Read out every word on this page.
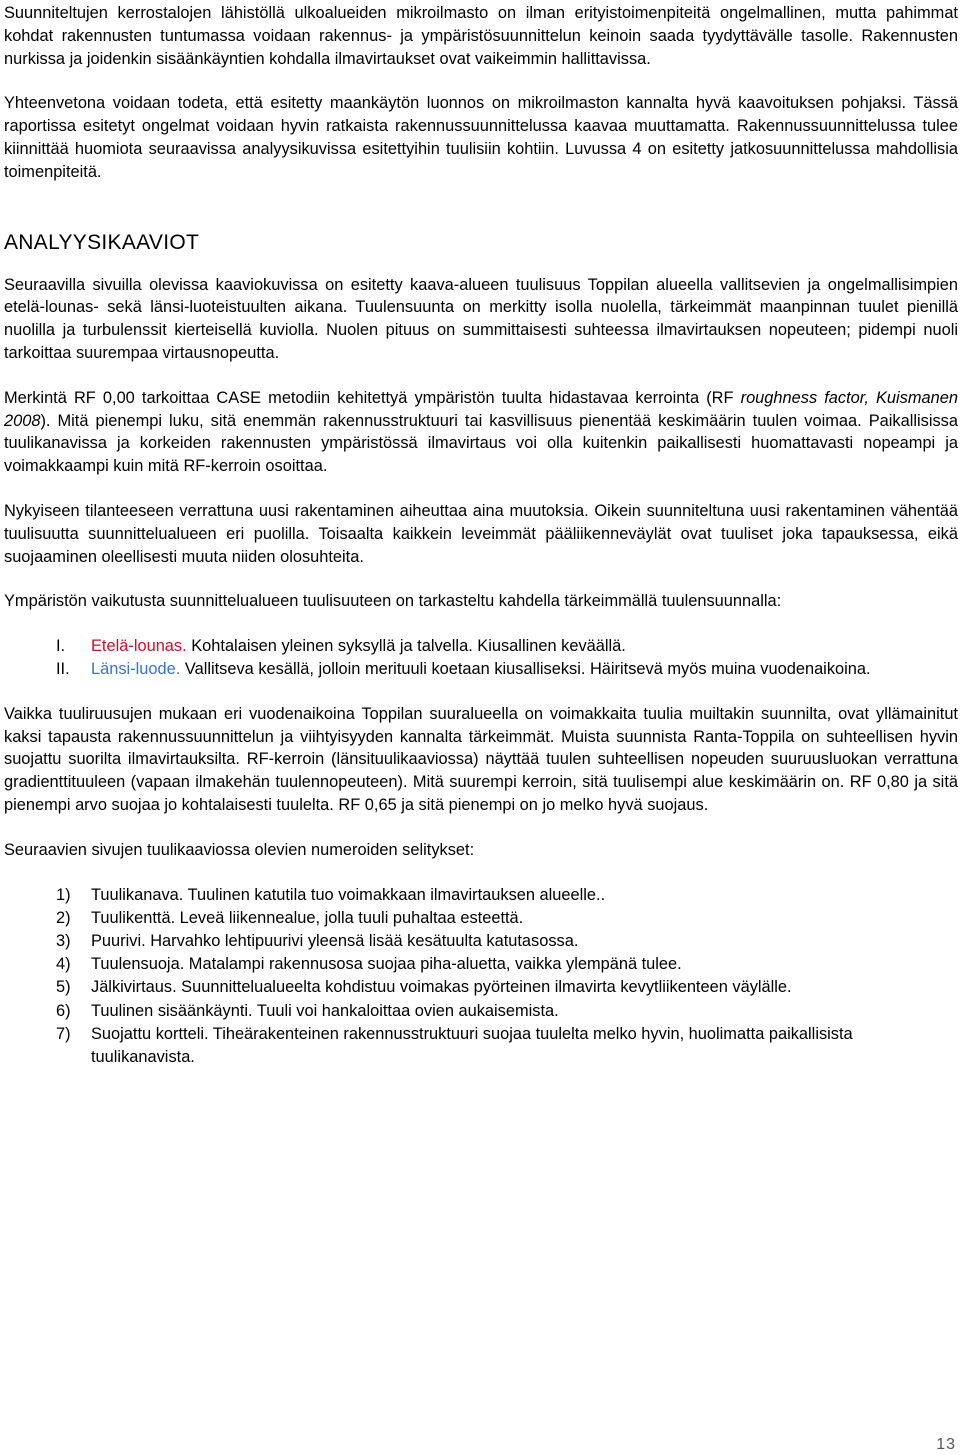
Suunniteltujen kerrostalojen lähistöllä ulkoalueiden mikroilmasto on ilman erityistoimenpiteitä ongelmallinen, mutta pahimmat kohdat rakennusten tuntumassa voidaan rakennus- ja ympäristösuunnittelun keinoin saada tyydyttävälle tasolle. Rakennusten nurkissa ja joidenkin sisäänkäyntien kohdalla ilmavirtaukset ovat vaikeimmin hallittavissa.

Yhteenvetona voidaan todeta, että esitetty maankäytön luonnos on mikroilmaston kannalta hyvä kaavoituksen pohjaksi. Tässä raportissa esitetyt ongelmat voidaan hyvin ratkaista rakennussuunnittelussa kaavaa muuttamatta. Rakennussuunnittelussa tulee kiinnittää huomiota seuraavissa analyysikuvissa esitettyihin tuulisiin kohtiin. Luvussa 4 on esitetty jatkosuunnittelussa mahdollisia toimenpiteitä.

ANALYYSIKAAVIOT

Seuraavilla sivuilla olevissa kaaviokuvissa on esitetty kaava-alueen tuulisuus Toppilan alueella vallitsevien ja ongelmallisimpien etelä-lounas- sekä länsi-luoteistuulten aikana. Tuulensuunta on merkitty isolla nuolella, tärkeimmät maanpinnan tuulet pienillä nuolilla ja turbulenssit kierteisellä kuviolla. Nuolen pituus on summittaisesti suhteessa ilmavirtauksen nopeuteen; pidempi nuoli tarkoittaa suurempaa virtausnopeutta.

Merkintä RF 0,00 tarkoittaa CASE metodiin kehitettyä ympäristön tuulta hidastavaa kerrointa (RF roughness factor, Kuismanen 2008). Mitä pienempi luku, sitä enemmän rakennusstruktuuri tai kasvillisuus pienentää keskimäärin tuulen voimaa. Paikallisissa tuulikanavissa ja korkeiden rakennusten ympäristössä ilmavirtaus voi olla kuitenkin paikallisesti huomattavasti nopeampi ja voimakkaampi kuin mitä RF-kerroin osoittaa.

Nykyiseen tilanteeseen verrattuna uusi rakentaminen aiheuttaa aina muutoksia. Oikein suunniteltuna uusi rakentaminen vähentää tuulisuutta suunnittelualueen eri puolilla. Toisaalta kaikkein leveimmät pääliikenneväylät ovat tuuliset joka tapauksessa, eikä suojaaminen oleellisesti muuta niiden olosuhteita.

Ympäristön vaikutusta suunnittelualueen tuulisuuteen on tarkasteltu kahdella tärkeimmällä tuulensuunnalla:

I.	Etelä-lounas. Kohtalaisen yleinen syksyllä ja talvella. Kiusallinen keväällä.
II.	Länsi-luode. Vallitseva kesällä, jolloin merituuli koetaan kiusalliseksi. Häiritsevä myös muina vuodenaikoina.

Vaikka tuuliruusujen mukaan eri vuodenaikoina Toppilan suuralueella on voimakkaita tuulia muiltakin suunnilta, ovat yllämainitut kaksi tapausta rakennussuunnittelun ja viihtyisyyden kannalta tärkeimmät. Muista suunnista Ranta-Toppila on suhteellisen hyvin suojattu suorilta ilmavirtauksilta. RF-kerroin (länsituulikaaviossa) näyttää tuulen suhteellisen nopeuden suuruusluokan verrattuna gradienttituuleen (vapaan ilmakehän tuulennopeuteen). Mitä suurempi kerroin, sitä tuulisempi alue keskimäärin on. RF 0,80 ja sitä pienempi arvo suojaa jo kohtalaisesti tuulelta. RF 0,65 ja sitä pienempi on jo melko hyvä suojaus.

Seuraavien sivujen tuulikaaviossa olevien numeroiden selitykset:

1) Tuulikanava. Tuulinen katutila tuo voimakkaan ilmavirtauksen alueelle..
2) Tuulikenttä. Leveä liikennealue, jolla tuuli puhaltaa esteettä.
3) Puurivi. Harvahko lehtipuurivi yleensä lisää kesätuulta katutasossa.
4) Tuulensuoja. Matalampi rakennusosa suojaa piha-aluetta, vaikka ylempänä tulee.
5) Jälkivirtaus. Suunnittelualueelta kohdistuu voimakas pyörteinen ilmavirta kevytliikenteen väylälle.
6) Tuulinen sisäänkäynti. Tuuli voi hankaloittaa ovien aukaisemista.
7) Suojattu kortteli. Tiheärakenteinen rakennusstruktuuri suojaa tuulelta melko hyvin, huolimatta paikallisista tuulikanavista.
13
